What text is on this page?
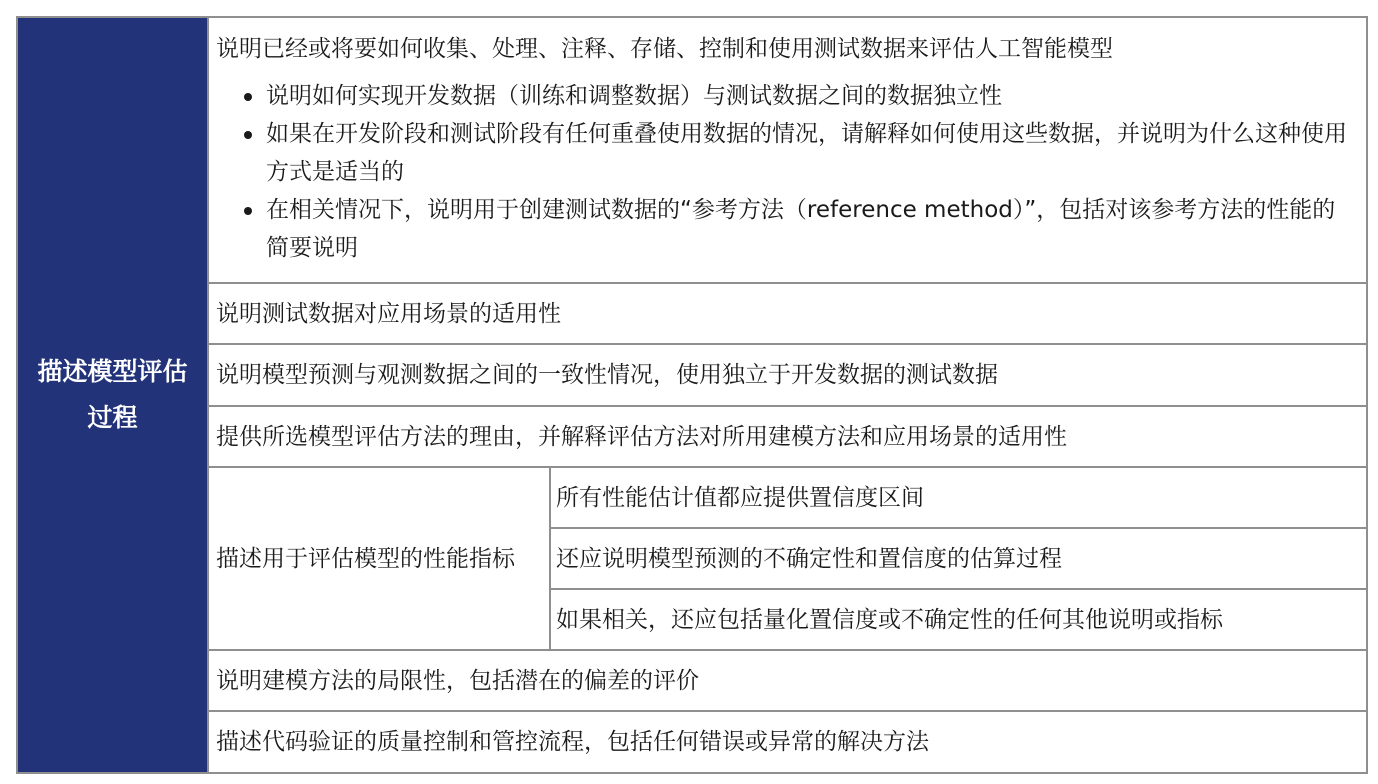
描述模型评估过程
说明已经或将要如何收集、处理、注释、存储、控制和使用测试数据来评估人工智能模型
说明如何实现开发数据（训练和调整数据）与测试数据之间的数据独立性
如果在开发阶段和测试阶段有任何重叠使用数据的情况，请解释如何使用这些数据，并说明为什么这种使用方式是适当的
在相关情况下，说明用于创建测试数据的“参考方法（reference method）”，包括对该参考方法的性能的简要说明
说明测试数据对应用场景的适用性
说明模型预测与观测数据之间的一致性情况，使用独立于开发数据的测试数据
提供所选模型评估方法的理由，并解释评估方法对所用建模方法和应用场景的适用性
描述用于评估模型的性能指标
所有性能估计值都应提供置信度区间
还应说明模型预测的不确定性和置信度的估算过程
如果相关，还应包括量化置信度或不确定性的任何其他说明或指标
说明建模方法的局限性，包括潜在的偏差的评价
描述代码验证的质量控制和管控流程，包括任何错误或异常的解决方法
